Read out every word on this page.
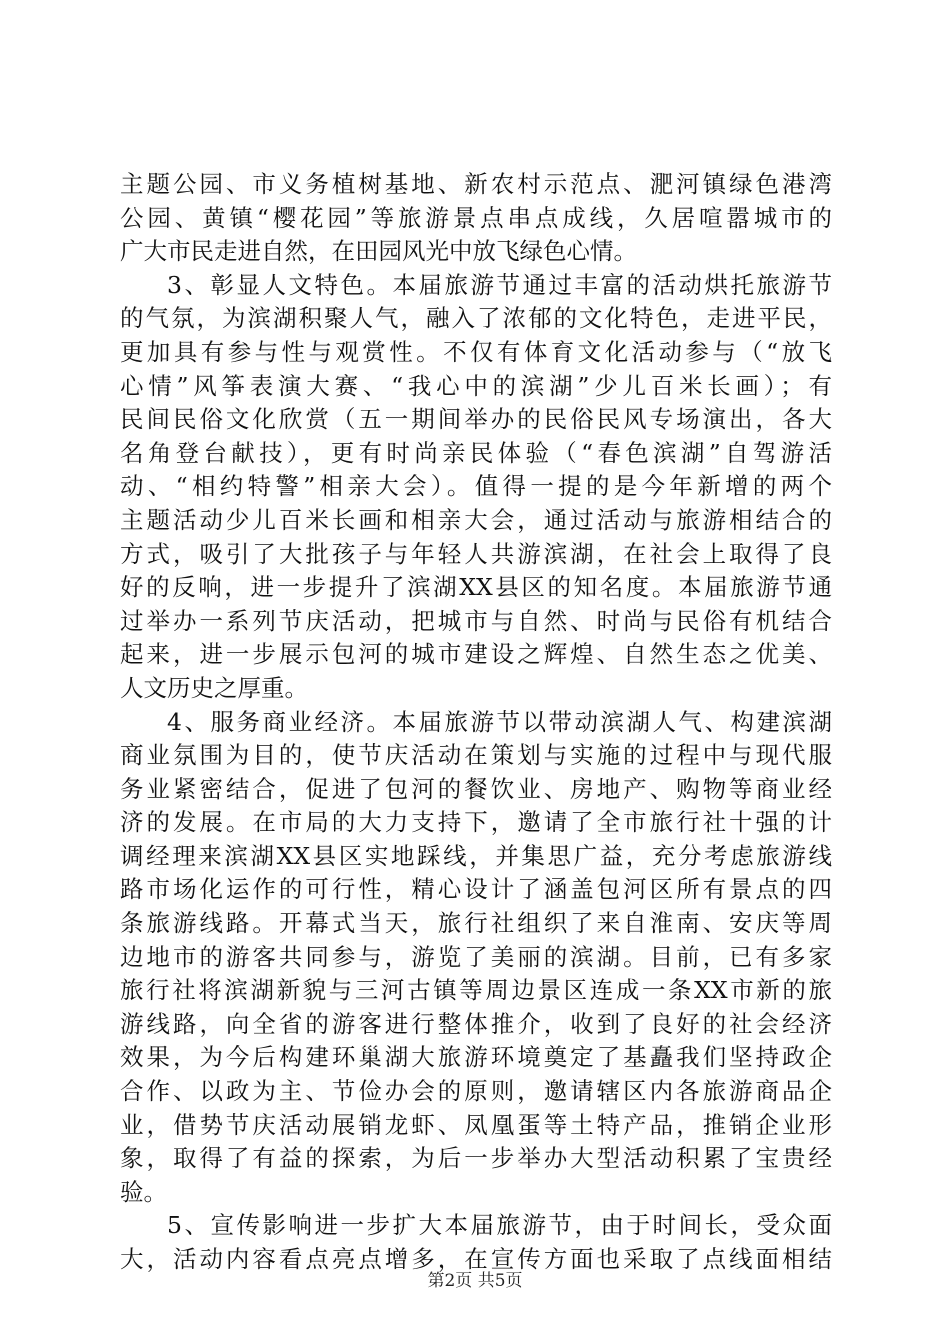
主题公园、市义务植树基地、新农村示范点、淝河镇绿色港湾
公园、黄镇“樱花园”等旅游景点串点成线，久居喧嚣城市的
广大市民走进自然，在田园风光中放飞绿色心情。
3、彰显人文特色。本届旅游节通过丰富的活动烘托旅游节
的气氛，为滨湖积聚人气，融入了浓郁的文化特色，走进平民，
更加具有参与性与观赏性。不仅有体育文化活动参与（“放飞
心情”风筝表演大赛、“我心中的滨湖”少儿百米长画）；有
民间民俗文化欣赏（五一期间举办的民俗民风专场演出，各大
名角登台献技），更有时尚亲民体验（“春色滨湖”自驾游活
动、“相约特警”相亲大会）。值得一提的是今年新增的两个
主题活动少儿百米长画和相亲大会，通过活动与旅游相结合的
方式，吸引了大批孩子与年轻人共游滨湖，在社会上取得了良
好的反响，进一步提升了滨湖XX县区的知名度。本届旅游节通
过举办一系列节庆活动，把城市与自然、时尚与民俗有机结合
起来，进一步展示包河的城市建设之辉煌、自然生态之优美、
人文历史之厚重。
4、服务商业经济。本届旅游节以带动滨湖人气、构建滨湖
商业氛围为目的，使节庆活动在策划与实施的过程中与现代服
务业紧密结合，促进了包河的餐饮业、房地产、购物等商业经
济的发展。在市局的大力支持下，邀请了全市旅行社十强的计
调经理来滨湖XX县区实地踩线，并集思广益，充分考虑旅游线
路市场化运作的可行性，精心设计了涵盖包河区所有景点的四
条旅游线路。开幕式当天，旅行社组织了来自淮南、安庆等周
边地市的游客共同参与，游览了美丽的滨湖。目前，已有多家
旅行社将滨湖新貌与三河古镇等周边景区连成一条XX市新的旅
游线路，向全省的游客进行整体推介，收到了良好的社会经济
效果，为今后构建环巢湖大旅游环境奠定了基矗我们坚持政企
合作、以政为主、节俭办会的原则，邀请辖区内各旅游商品企
业，借势节庆活动展销龙虾、凤凰蛋等土特产品，推销企业形
象，取得了有益的探索，为后一步举办大型活动积累了宝贵经
验。
5、宣传影响进一步扩大本届旅游节，由于时间长，受众面
大，活动内容看点亮点增多，在宣传方面也采取了点线面相结
第2页 共5页
